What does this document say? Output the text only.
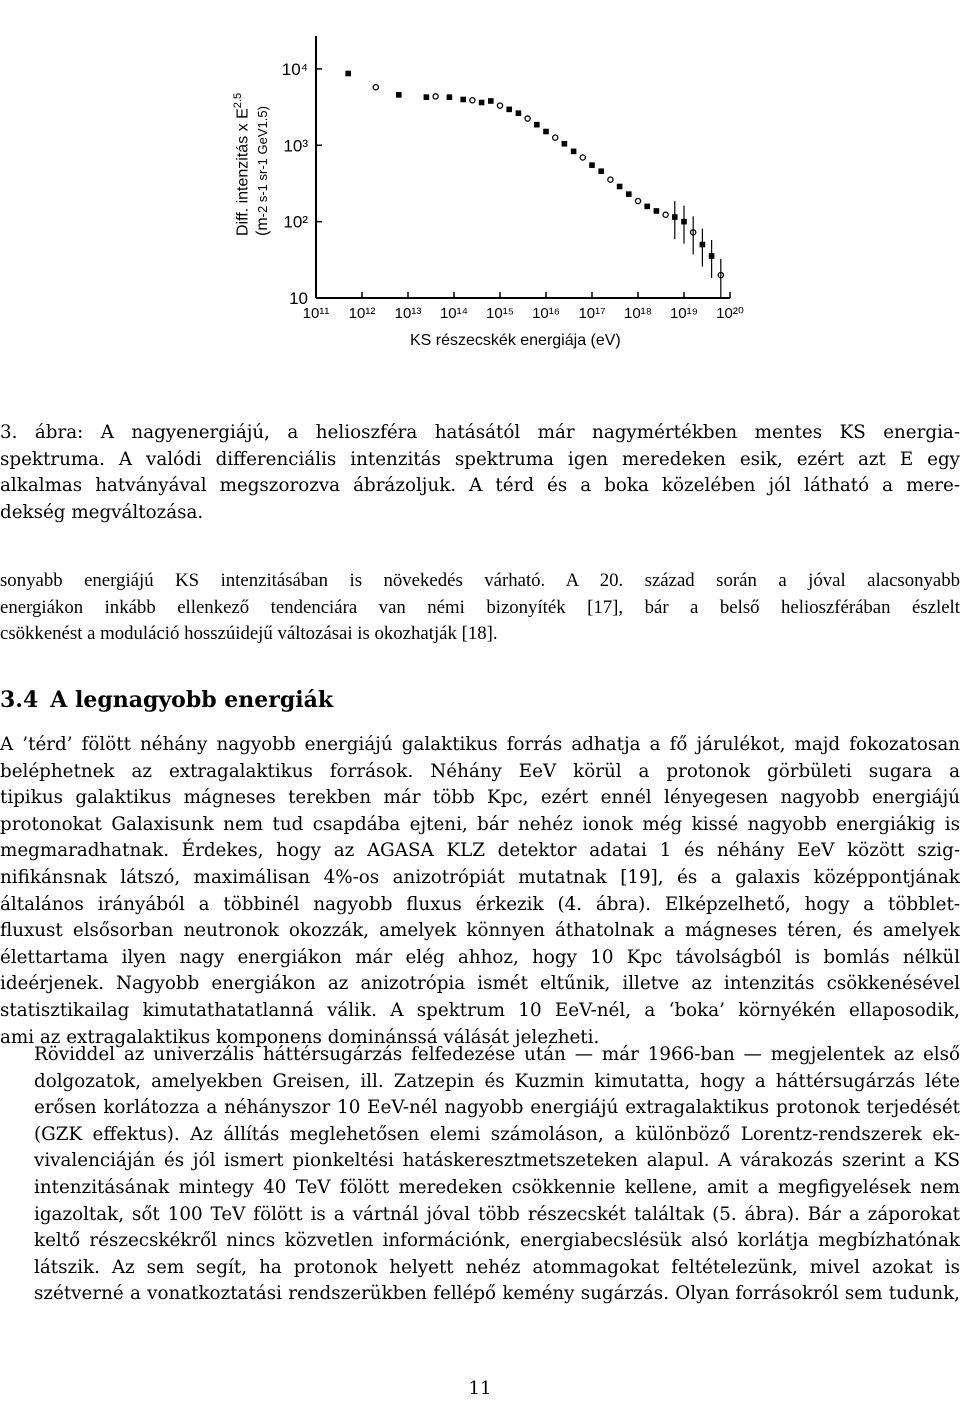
10¹¹ 10¹² 10¹³ 10¹⁴ 10¹⁵ 10¹⁶ 10¹⁷ 10¹⁸ 10¹⁹ 10²⁰
10⁴
10³
10²
10
Diff. intenzitás x $E^{2.5}$
(m-2 s-1 sr-1 GeV1.5)
KS részecskék energiája (eV)
3. ábra: A nagyenergiájú, a helioszféra hatásától már nagymértékben mentes KS energia-
spektruma. A valódi differenciális intenzitás spektruma igen meredeken esik, ezért azt E egy
alkalmas hatványával megszorozva ábrázoljuk. A térd és a boka közelében jól látható a mere-
dekség megváltozása.
sonyabb energiájú KS intenzitásában is növekedés várható. A 20. század során a jóval alacsonyabb
energiákon inkább ellenkező tendenciára van némi bizonyíték [17], bár a belső helioszférában észlelt
csökkenést a moduláció hosszúidejű változásai is okozhatják [18].
3.4 A legnagyobb energiák
A ’térd’ fölött néhány nagyobb energiájú galaktikus forrás adhatja a fő járulékot, majd fokozatosan
beléphetnek az extragalaktikus források. Néhány EeV körül a protonok görbületi sugara a
tipikus galaktikus mágneses terekben már több Kpc, ezért ennél lényegesen nagyobb energiájú
protonokat Galaxisunk nem tud csapdába ejteni, bár nehéz ionok még kissé nagyobb energiákig is
megmaradhatnak. Érdekes, hogy az AGASA KLZ detektor adatai 1 és néhány EeV között szig-
nifikánsnak látszó, maximálisan 4%-os anizotrópiát mutatnak [19], és a galaxis középpontjának
általános irányából a többinél nagyobb fluxus érkezik (4. ábra). Elképzelhető, hogy a többlet-
fluxust elsősorban neutronok okozzák, amelyek könnyen áthatolnak a mágneses téren, és amelyek
élettartama ilyen nagy energiákon már elég ahhoz, hogy 10 Kpc távolságból is bomlás nélkül
ideérjenek. Nagyobb energiákon az anizotrópia ismét eltűnik, illetve az intenzitás csökkenésével
statisztikailag kimutathatatlanná válik. A spektrum 10 EeV-nél, a ‘boka’ környékén ellaposodik,
ami az extragalaktikus komponens dominánssá válását jelezheti.
Röviddel az univerzális háttérsugárzás felfedezése után — már 1966-ban — megjelentek az első
dolgozatok, amelyekben Greisen, ill. Zatzepin és Kuzmin kimutatta, hogy a háttérsugárzás léte
erősen korlátozza a néhányszor 10 EeV-nél nagyobb energiájú extragalaktikus protonok terjedését
(GZK effektus). Az állítás meglehetősen elemi számoláson, a különböző Lorentz-rendszerek ek-
vivalenciáján és jól ismert pionkeltési hatáskeresztmetszeteken alapul. A várakozás szerint a KS
intenzitásának mintegy 40 TeV fölött meredeken csökkennie kellene, amit a megfigyelések nem
igazoltak, sőt 100 TeV fölött is a vártnál jóval több részecskét találtak (5. ábra). Bár a záporokat
keltő részecskékről nincs közvetlen információnk, energiabecslésük alsó korlátja megbízhatónak
látszik. Az sem segít, ha protonok helyett nehéz atommagokat feltételezünk, mivel azokat is
szétverné a vonatkoztatási rendszerükben fellépő kemény sugárzás. Olyan forrásokról sem tudunk,
11
